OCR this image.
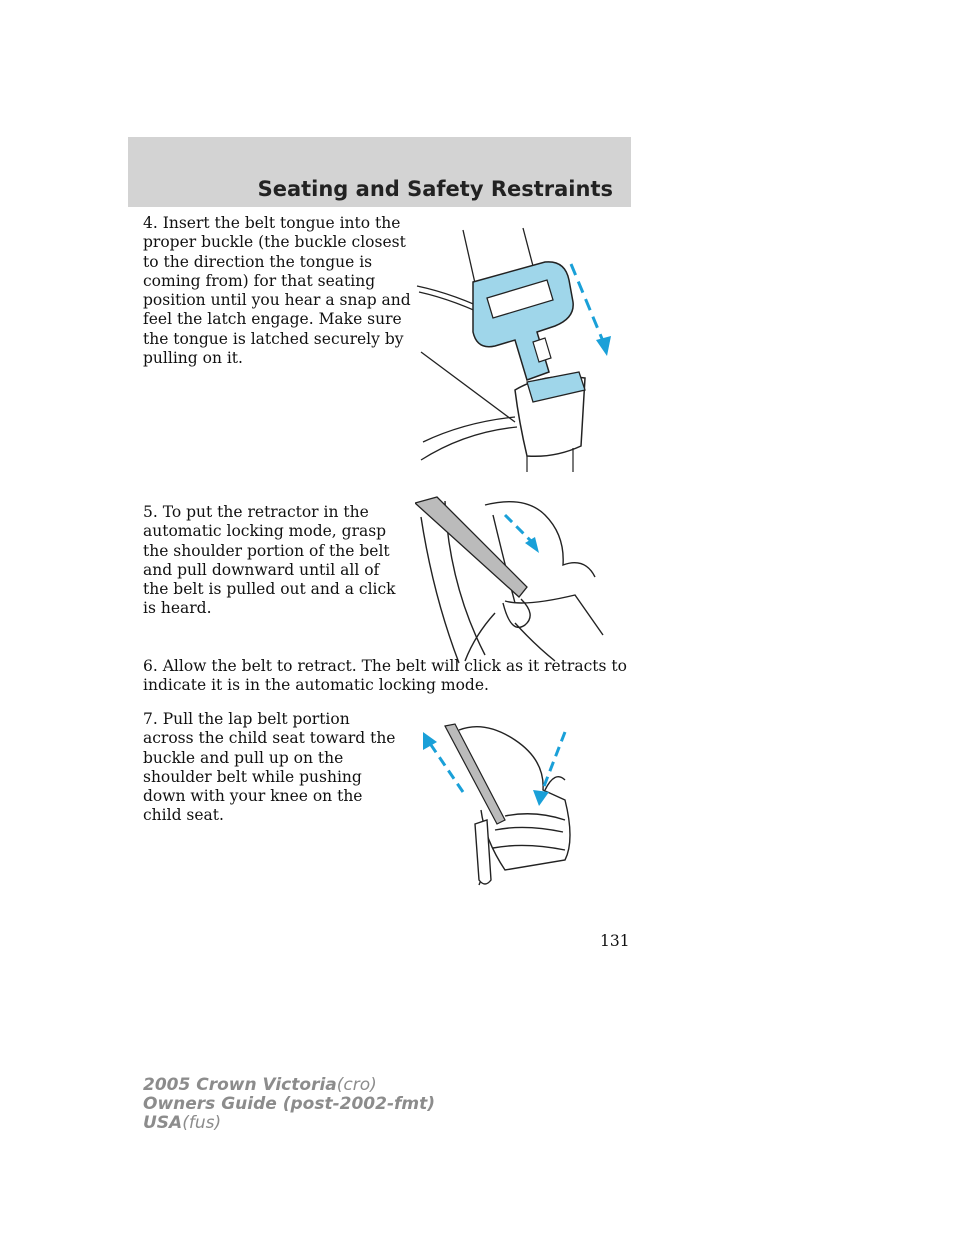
Seating and Safety Restraints

4. Insert the belt tongue into the proper buckle (the buckle closest to the direction the tongue is coming from) for that seating position until you hear a snap and feel the latch engage. Make sure the tongue is latched securely by pulling on it.

5. To put the retractor in the automatic locking mode, grasp the shoulder portion of the belt and pull downward until all of the belt is pulled out and a click is heard.

6. Allow the belt to retract. The belt will click as it retracts to indicate it is in the automatic locking mode.

7. Pull the lap belt portion across the child seat toward the buckle and pull up on the shoulder belt while pushing down with your knee on the child seat.

131
2005 Crown Victoria(cro)
Owners Guide (post-2002-fmt)
USA(fus)
